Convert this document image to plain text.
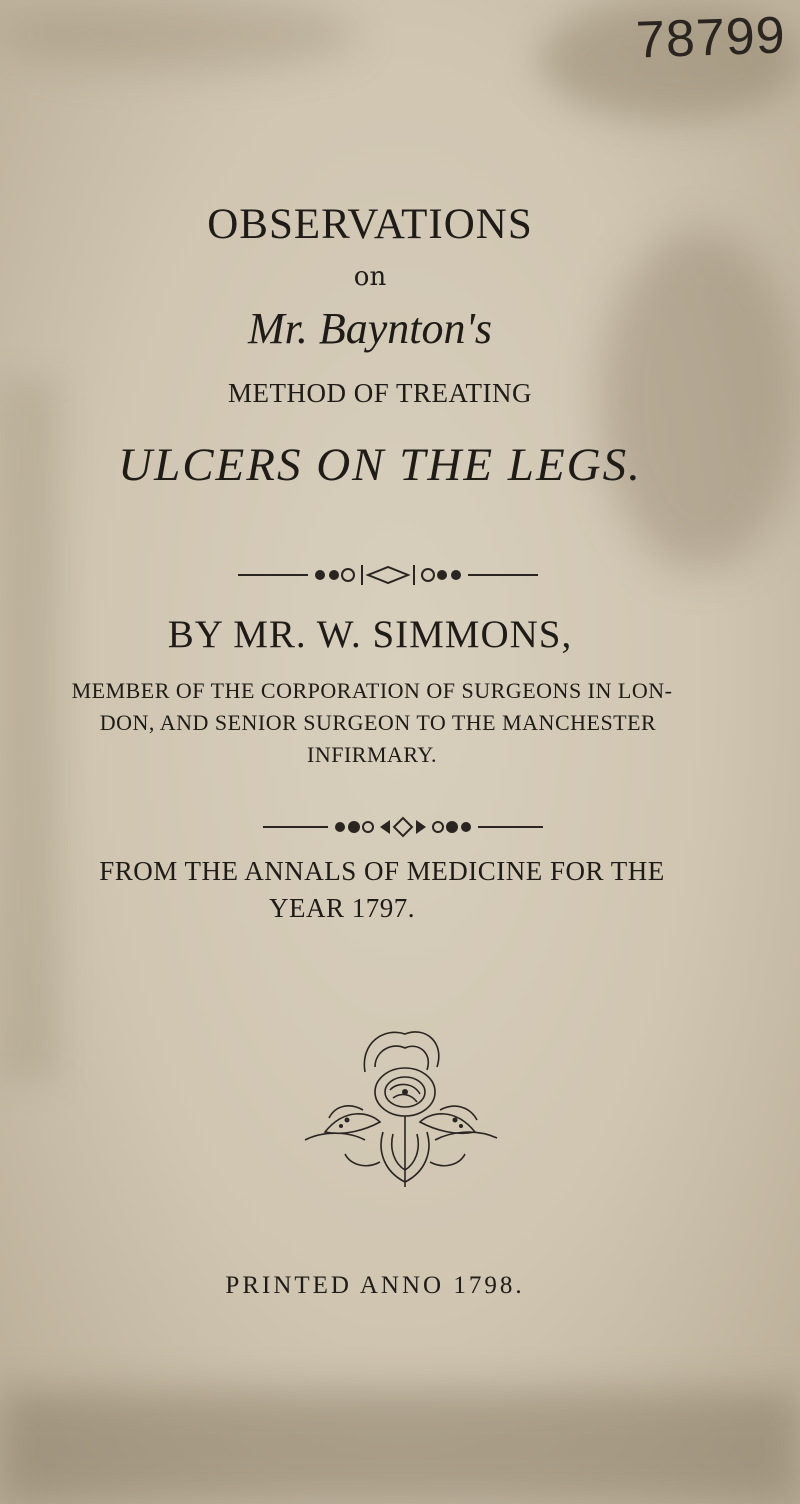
78799
OBSERVATIONS
on
Mr. Baynton's
METHOD OF TREATING
ULCERS ON THE LEGS.
BY MR. W. SIMMONS,
MEMBER OF THE CORPORATION OF SURGEONS IN LON-
DON, AND SENIOR SURGEON TO THE MANCHESTER
INFIRMARY.
FROM THE ANNALS OF MEDICINE FOR THE
YEAR 1797.
PRINTED ANNO 1798.
